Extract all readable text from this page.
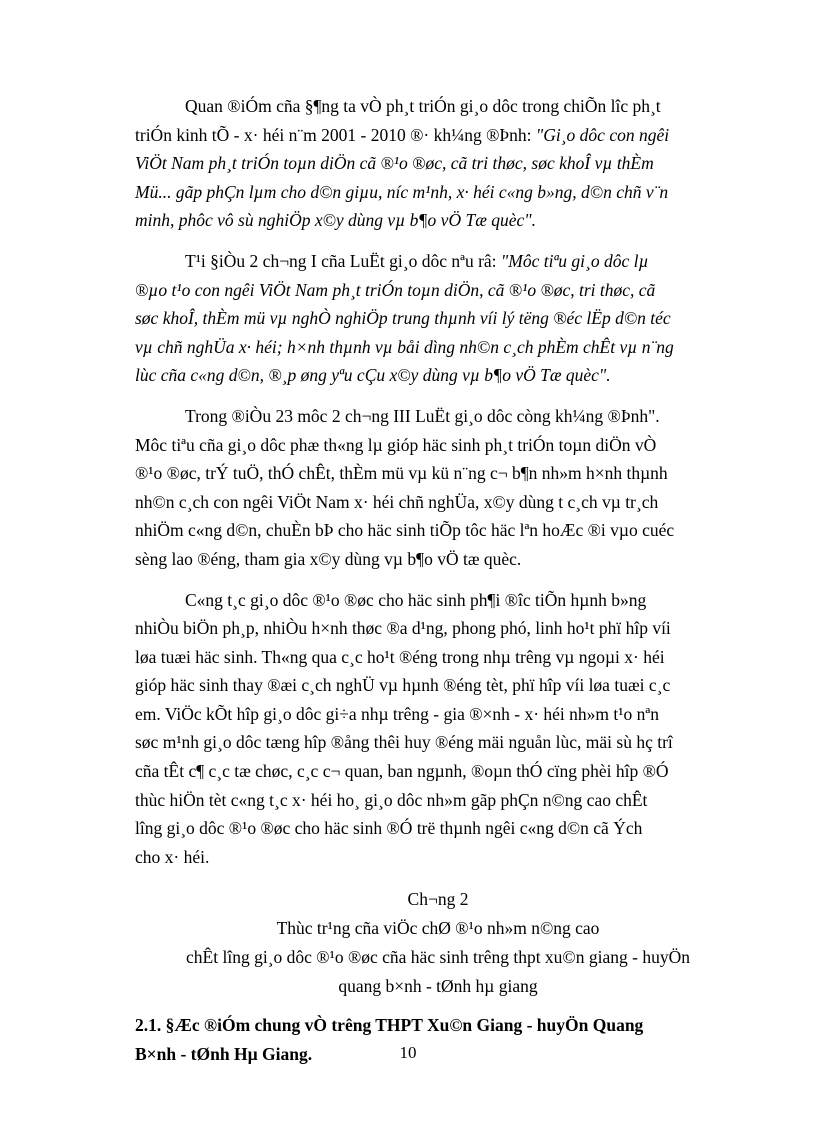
Quan ®iÓm cña §¶ng ta vÒ ph¸t triÓn gi¸o dôc trong chiÕn lîc ph¸t
triÓn kinh tÕ - x· héi n¨m 2001 - 2010 ®· kh¼ng ®Þnh: "Gi¸o dôc con ngêi
ViÖt Nam ph¸t triÓn toµn diÖn cã ®¹o ®øc, cã tri thøc, søc khoÎ vµ thÈm
Mü... gãp phÇn lµm cho d©n giµu, níc m¹nh, x· héi c«ng b»ng, d©n chñ v¨n
minh, phôc vô sù nghiÖp x©y dùng vµ b¶o vÖ Tæ quèc".

T¹i §iÒu 2 ch¬ng I cña LuËt gi¸o dôc nªu râ: "Môc tiªu gi¸o dôc lµ
®µo t¹o con ngêi ViÖt Nam ph¸t triÓn toµn diÖn, cã ®¹o ®øc, tri thøc, cã
søc khoÎ, thÈm mü vµ nghÒ nghiÖp trung thµnh víi lý tëng ®éc lËp d©n téc
vµ chñ nghÜa x· héi; h×nh thµnh vµ båi dìng nh©n c¸ch phÈm chÊt vµ n¨ng
lùc cña c«ng d©n, ®¸p øng yªu cÇu x©y dùng vµ b¶o vÖ Tæ quèc".

Trong ®iÒu 23 môc 2 ch¬ng III LuËt gi¸o dôc còng kh¼ng ®Þnh".
Môc tiªu cña gi¸o dôc phæ th«ng lµ gióp häc sinh ph¸t triÓn toµn diÖn vÒ
®¹o ®øc, trÝ tuÖ, thÓ chÊt, thÈm mü vµ kü n¨ng c¬ b¶n nh»m h×nh thµnh
nh©n c¸ch con ngêi ViÖt Nam x· héi chñ nghÜa, x©y dùng t c¸ch vµ tr¸ch
nhiÖm c«ng d©n, chuÈn bÞ cho häc sinh tiÕp tôc häc lªn hoÆc ®i vµo cuéc
sèng lao ®éng, tham gia x©y dùng vµ b¶o vÖ tæ quèc.

C«ng t¸c gi¸o dôc ®¹o ®øc cho häc sinh ph¶i ®îc tiÕn hµnh b»ng
nhiÒu biÖn ph¸p, nhiÒu h×nh thøc ®a d¹ng, phong phó, linh ho¹t phï hîp víi
løa tuæi häc sinh. Th«ng qua c¸c ho¹t ®éng trong nhµ trêng vµ ngoµi x· héi
gióp häc sinh thay ®æi c¸ch nghÜ vµ hµnh ®éng tèt, phï hîp víi løa tuæi c¸c
em. ViÖc kÕt hîp gi¸o dôc gi÷a nhµ trêng - gia ®×nh - x· héi nh»m t¹o nªn
søc m¹nh gi¸o dôc tæng hîp ®ång thêi huy ®éng mäi nguån lùc, mäi sù hç trî
cña tÊt c¶ c¸c tæ chøc, c¸c c¬ quan, ban ngµnh, ®oµn thÓ cïng phèi hîp ®Ó
thùc hiÖn tèt c«ng t¸c x· héi ho¸ gi¸o dôc nh»m gãp phÇn n©ng cao chÊt
lîng gi¸o dôc ®¹o ®øc cho häc sinh ®Ó trë thµnh ngêi c«ng d©n cã Ých
cho x· héi.

Ch¬ng 2
Thùc tr¹ng cña viÖc chØ ®¹o nh»m n©ng cao
chÊt lîng gi¸o dôc ®¹o ®øc cña häc sinh trêng thpt xu©n giang - huyÖn
quang b×nh - tØnh hµ giang

2.1. §Æc ®iÓm chung vÒ trêng THPT Xu©n Giang - huyÖn Quang
B×nh - tØnh Hµ Giang.	10
